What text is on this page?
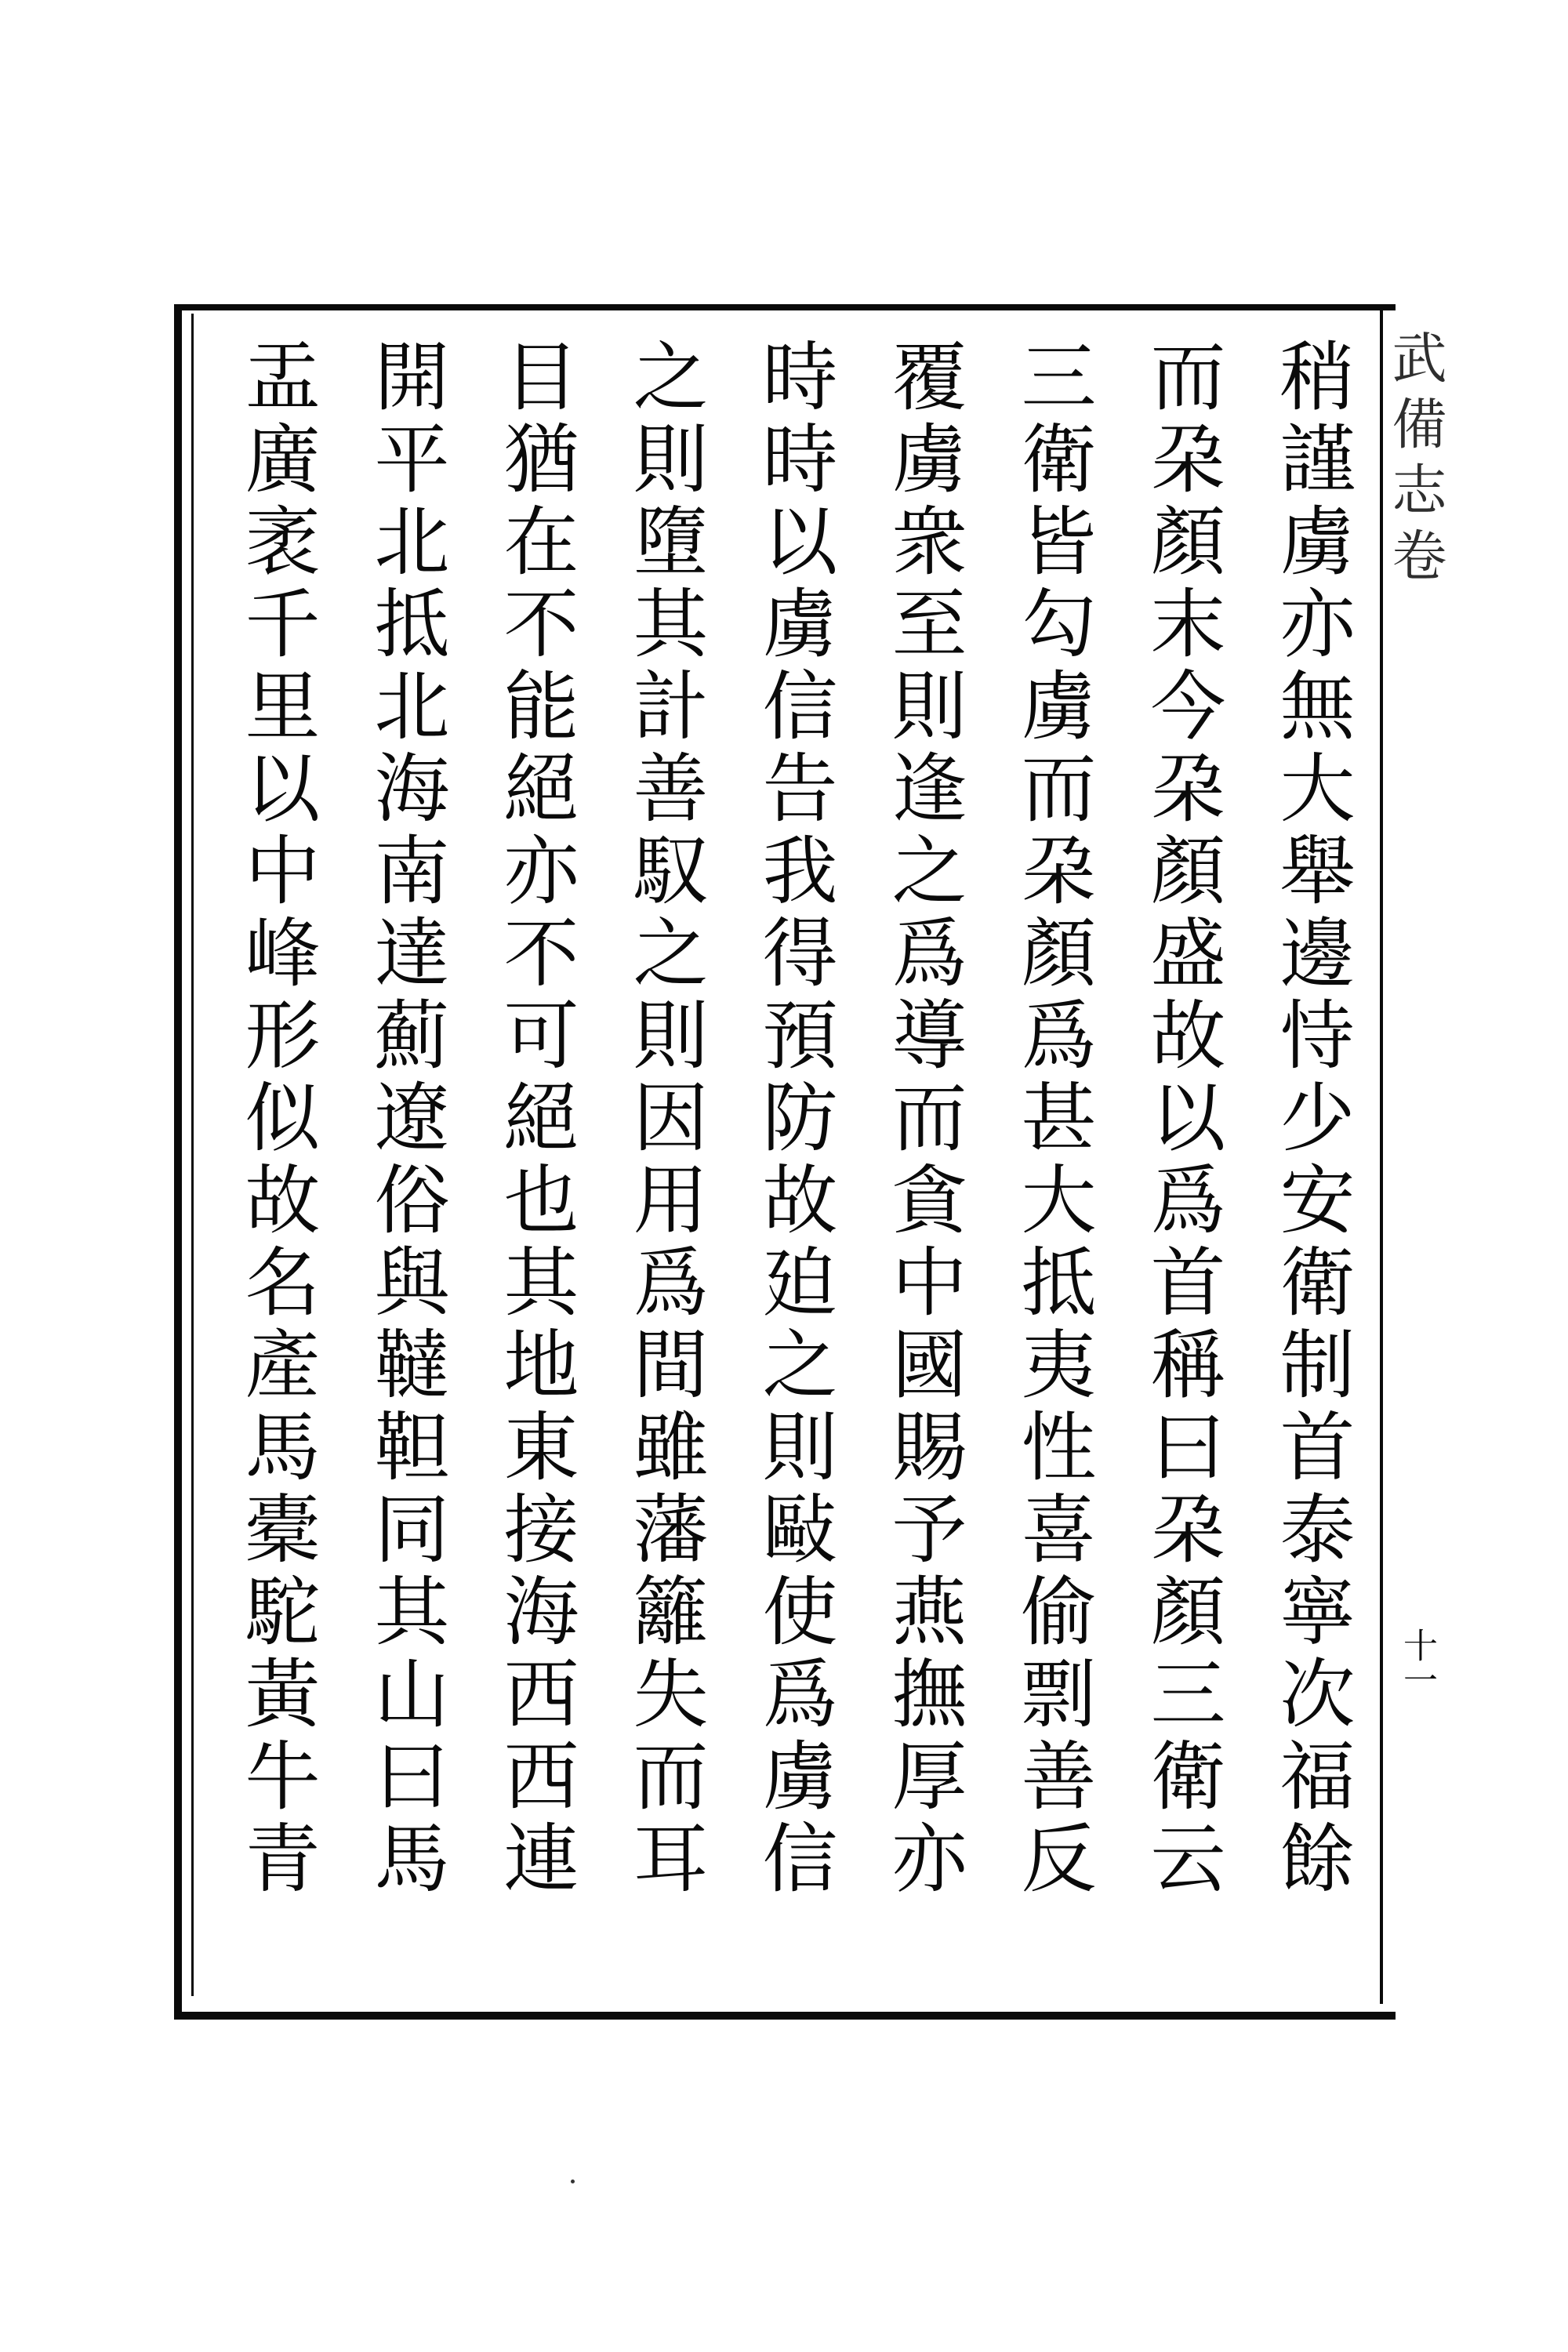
武備志卷
十一
稍謹虜亦無大舉邊恃少安衛制首泰寧次福餘
而朶顏末今朶顏盛故以爲首稱曰朶顏三衛云
三衛皆勾虜而朶顏爲甚大抵夷性喜偷剽善反
覆虜衆至則逢之爲導而貪中國賜予燕撫厚亦
時時以虜信告我得預防故廹之則敺使爲虜信
之則墮其計善馭之則因用爲間雖藩籬失而耳
目猶在不能絕亦不可絕也其地東接海西西連
開平北抵北海南達薊遼俗與韃靼同其山曰馬
盂廣袤千里以中峰形似故名產馬橐駝黃牛青
